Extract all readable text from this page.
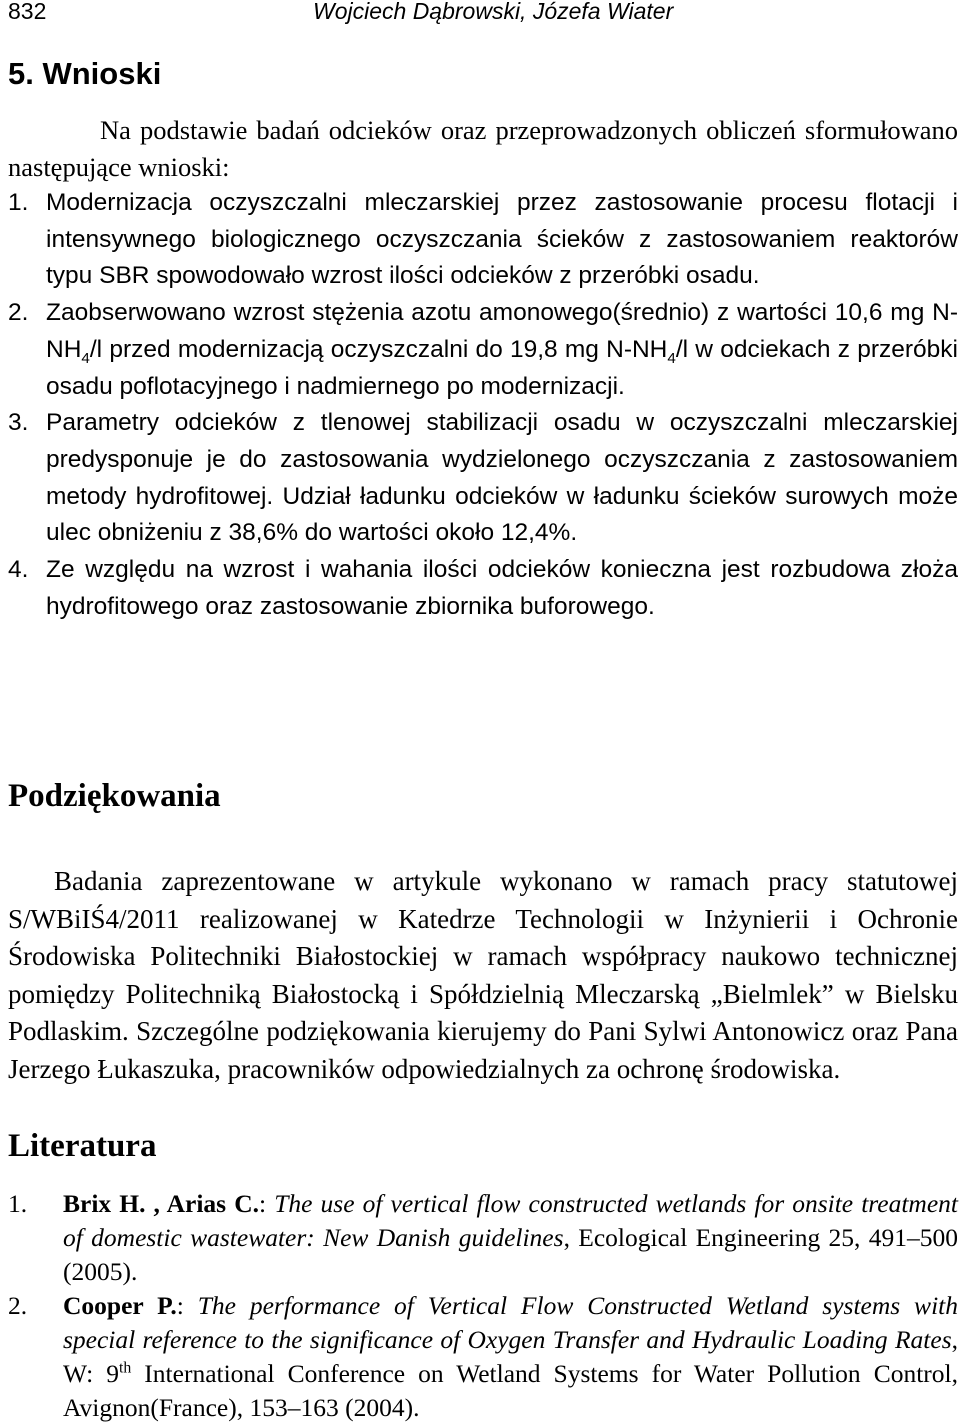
832	Wojciech Dąbrowski, Józefa Wiater
5. Wnioski

Na podstawie badań odcieków oraz przeprowadzonych obliczeń sformułowano następujące wnioski:

1. Modernizacja oczyszczalni mleczarskiej przez zastosowanie procesu flotacji i intensywnego biologicznego oczyszczania ścieków z zastosowaniem reaktorów typu SBR spowodowało wzrost ilości odcieków z przeróbki osadu.
2. Zaobserwowano wzrost stężenia azotu amonowego(średnio) z wartości 10,6 mg $N-NH_4/l$ przed modernizacją oczyszczalni do 19,8 mg $N-NH_4/l$ w odciekach z przeróbki osadu poflotacyjnego i nadmiernego po modernizacji.
3. Parametry odcieków z tlenowej stabilizacji osadu w oczyszczalni mleczarskiej predysponuje je do zastosowania wydzielonego oczyszczania z zastosowaniem metody hydrofitowej. Udział ładunku odcieków w ładunku ścieków surowych może ulec obniżeniu z 38,6% do wartości około 12,4%.
4. Ze względu na wzrost i wahania ilości odcieków konieczna jest rozbudowa złoża hydrofitowego oraz zastosowanie zbiornika buforowego.
Podziękowania

Badania zaprezentowane w artykule wykonano w ramach pracy statutowej S/WBiIŚ4/2011 realizowanej w Katedrze Technologii w Inżynierii i Ochronie Środowiska Politechniki Białostockiej w ramach współpracy naukowo technicznej pomiędzy Politechniką Białostocką i Spółdzielnią Mleczarską „Bielmlek” w Bielsku Podlaskim. Szczególne podziękowania kierujemy do Pani Sylwi Antonowicz oraz Pana Jerzego Łukaszuka, pracowników odpowiedzialnych za ochronę środowiska.

Literatura
1. Brix H. , Arias C.: The use of vertical flow constructed wetlands for onsite treatment of domestic wastewater: New Danish guidelines, Ecological Engineering 25, 491–500 (2005).
2. Cooper P.: The performance of Vertical Flow Constructed Wetland systems with special reference to the significance of Oxygen Transfer and Hydraulic Loading Rates, W: 9th International Conference on Wetland Systems for Water Pollution Control, Avignon(France), 153–163 (2004).
